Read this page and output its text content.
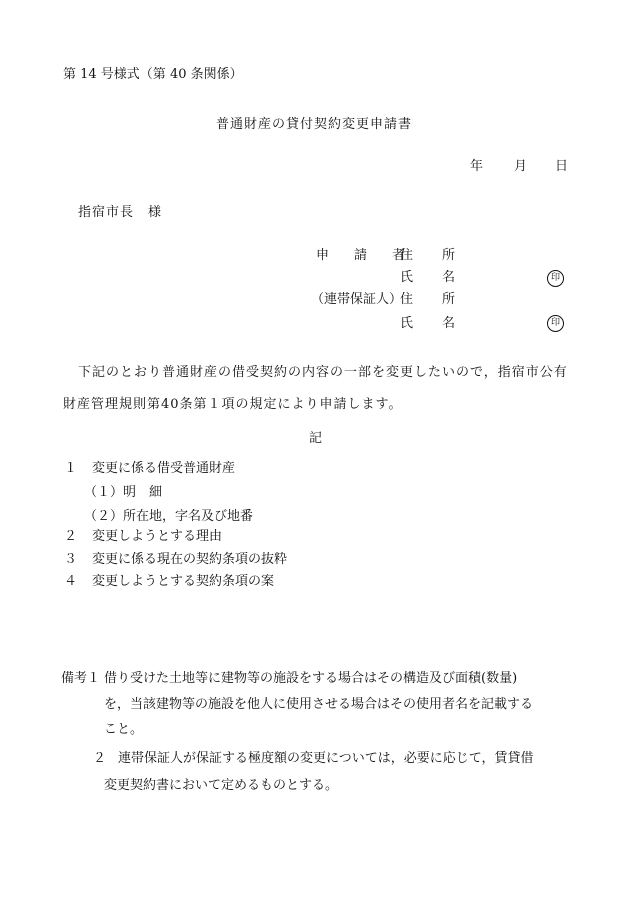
第 14 号様式（第 40 条関係）
普通財産の貸付契約変更申請書
年 月 日
指宿市長　様
申　請　者
住　所
氏　名	印
（連帯保証人）
住　所
氏　名	印
下記のとおり普通財産の借受契約の内容の一部を変更したいので，指宿市公有
財産管理規則第40条第１項の規定により申請します。
記
１ 変更に係る借受普通財産
（１）明　細
（２）所在地，字名及び地番
２ 変更しようとする理由
３ 変更に係る現在の契約条項の抜粋
４ 変更しようとする契約条項の案
備考１ 借り受けた土地等に建物等の施設をする場合はその構造及び面積(数量)
を，当該建物等の施設を他人に使用させる場合はその使用者名を記載する
こと。
２ 連帯保証人が保証する極度額の変更については，必要に応じて，賃貸借
変更契約書において定めるものとする。
